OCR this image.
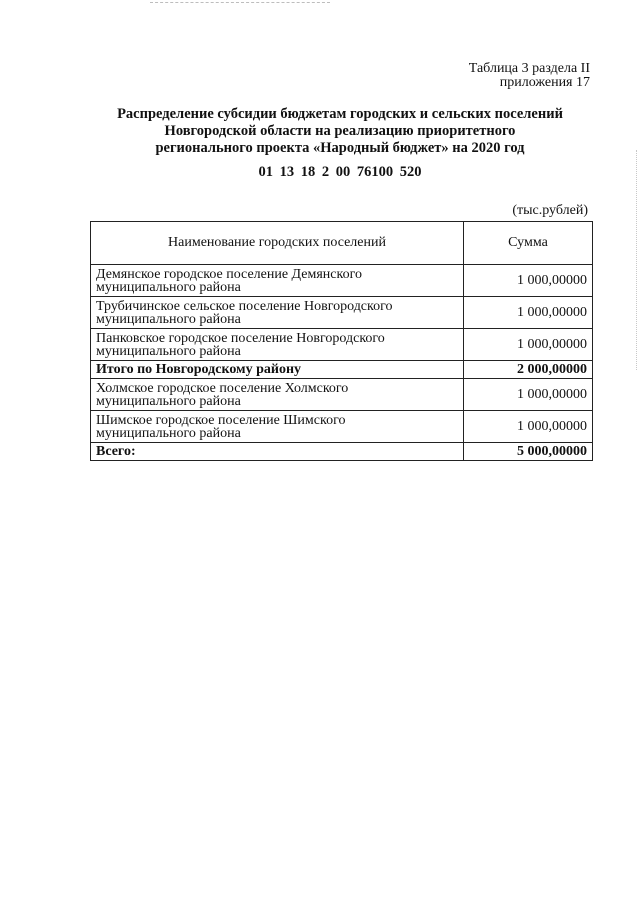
Таблица 3 раздела II
приложения 17
Распределение субсидии бюджетам городских и сельских поселений
Новгородской области на реализацию приоритетного
регионального проекта «Народный бюджет» на 2020 год
01 13 18 2 00 76100 520
(тыс.рублей)
Наименование городских поселений	Сумма

Демянское городское поселение Демянского
муниципального района	1 000,00000

Трубичинское сельское поселение Новгородского
муниципального района	1 000,00000

Панковское городское поселение Новгородского
муниципального района	1 000,00000
Итого по Новгородскому району	2 000,00000

Холмское городское поселение Холмского
муниципального района	1 000,00000

Шимское городское поселение Шимского
муниципального района	1 000,00000
Всего:	5 000,00000
